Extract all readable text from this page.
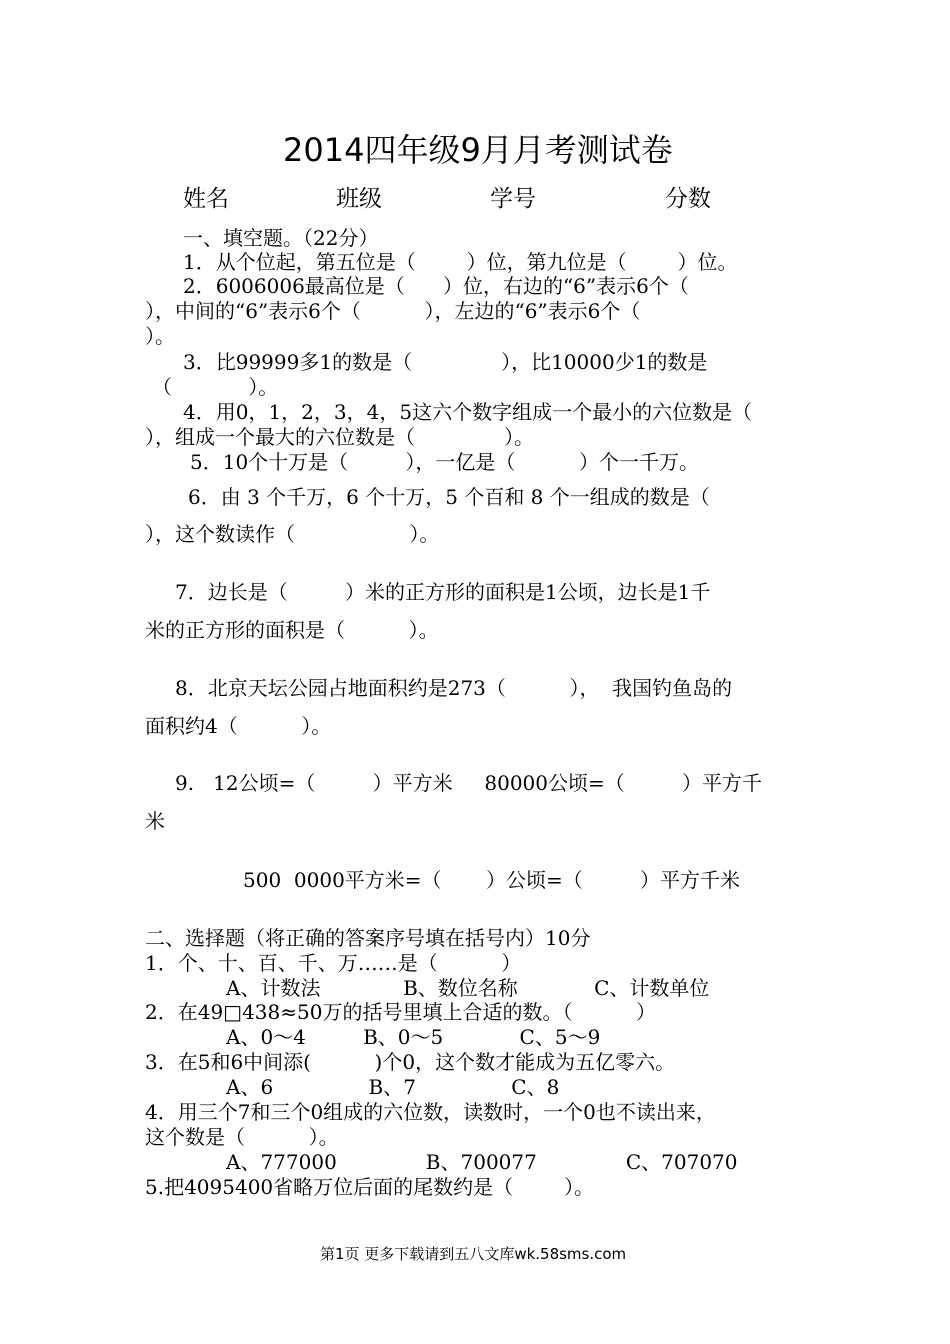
2014四年级9月月考测试卷
姓名	班级	学号	分数
一、填空题。（22分）
1．从个位起，第五位是（        ）位，第九位是（        ）位。
2．6006006最高位是（      ）位，右边的“6”表示6个（
），中间的“6”表示6个（          ），左边的“6”表示6个（
）。
3．比99999多1的数是（              ），比10000少1的数是
（            ）。
4．用0，1，2，3，4，5这六个数字组成一个最小的六位数是（
），组成一个最大的六位数是（              ）。
5．10个十万是（         ），一亿是（          ）个一千万。
6．由 3 个千万，6 个十万，5 个百和 8 个一组成的数是（
），这个数读作（                  ）。
7．边长是（         ）米的正方形的面积是1公顷，边长是1千
米的正方形的面积是（          ）。
8．北京天坛公园占地面积约是273（          ），  我国钓鱼岛的
面积约4（          ）。
9.   12公顷=（         ）平方米     80000公顷=（         ）平方千
米
500  0000平方米=（       ）公顷=（         ）平方千米
二、选择题（将正确的答案序号填在括号内）10分
1．个、十、百、千、万……是（          ）
A、计数法             B、数位名称            C、计数单位
2．在49□438≈50万的括号里填上合适的数。（          ）
A、0～4         B、0～5            C、5～9
3．在5和6中间添(          )个0，这个数才能成为五亿零六。
A、6               B、7               C、8
4．用三个7和三个0组成的六位数，读数时，一个0也不读出来，
这个数是（          ）。
A、777000              B、700077              C、707070
5.把4095400省略万位后面的尾数约是（        ）。
第1页 更多下载请到五八文库wk.58sms.com
